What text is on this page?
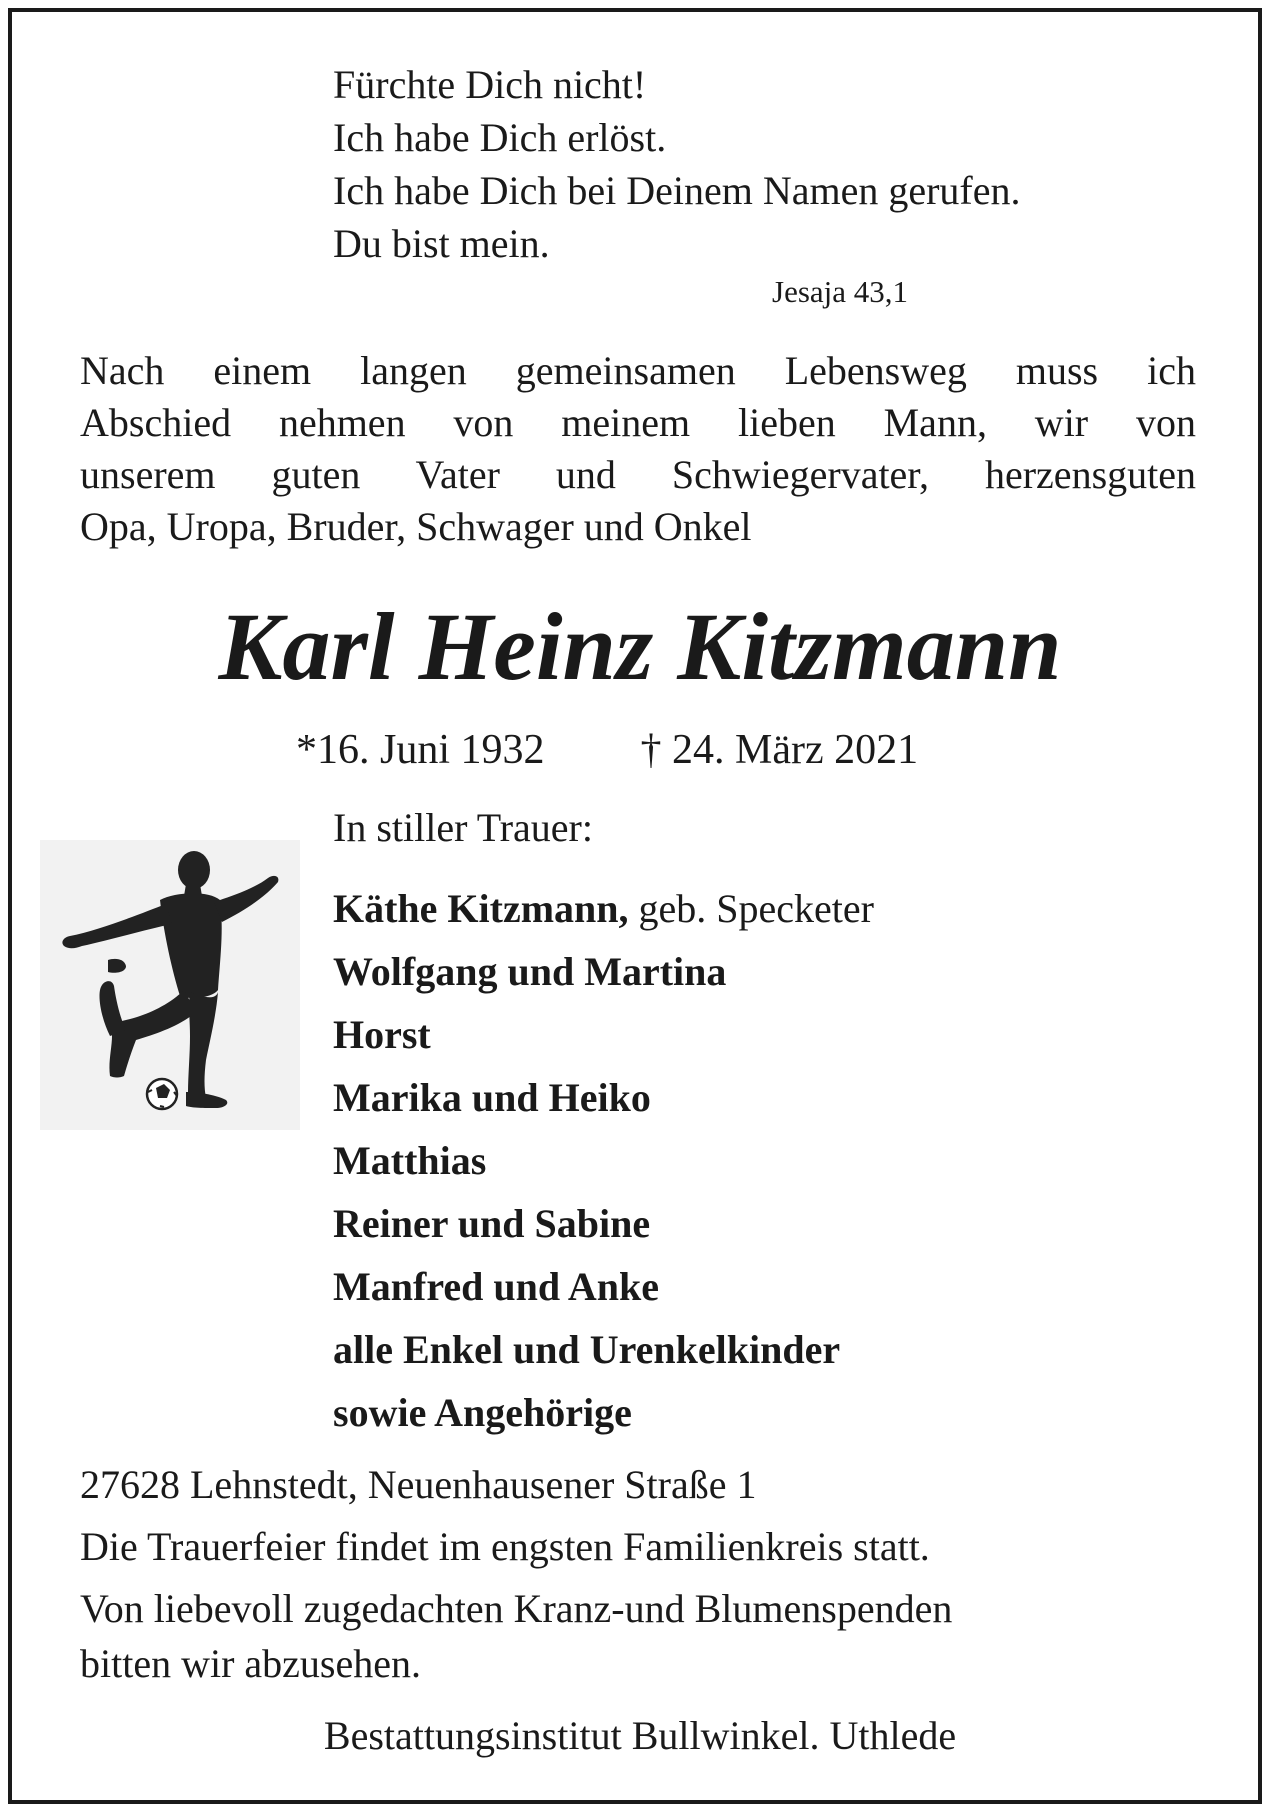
Fürchte Dich nicht!
Ich habe Dich erlöst.
Ich habe Dich bei Deinem Namen gerufen.
Du bist mein.
Jesaja 43,1
Nach einem langen gemeinsamen Lebensweg muss ich
Abschied nehmen von meinem lieben Mann, wir von
unserem guten Vater und Schwiegervater, herzensguten
Opa, Uropa, Bruder, Schwager und Onkel
Karl Heinz Kitzmann
*16. Juni 1932 † 24. März 2021
In stiller Trauer:
Käthe Kitzmann, geb. Specketer
Wolfgang und Martina
Horst
Marika und Heiko
Matthias
Reiner und Sabine
Manfred und Anke
alle Enkel und Urenkelkinder
sowie Angehörige
27628 Lehnstedt, Neuenhausener Straße 1
Die Trauerfeier findet im engsten Familienkreis statt.
Von liebevoll zugedachten Kranz-und Blumenspenden
bitten wir abzusehen.
Bestattungsinstitut Bullwinkel. Uthlede
